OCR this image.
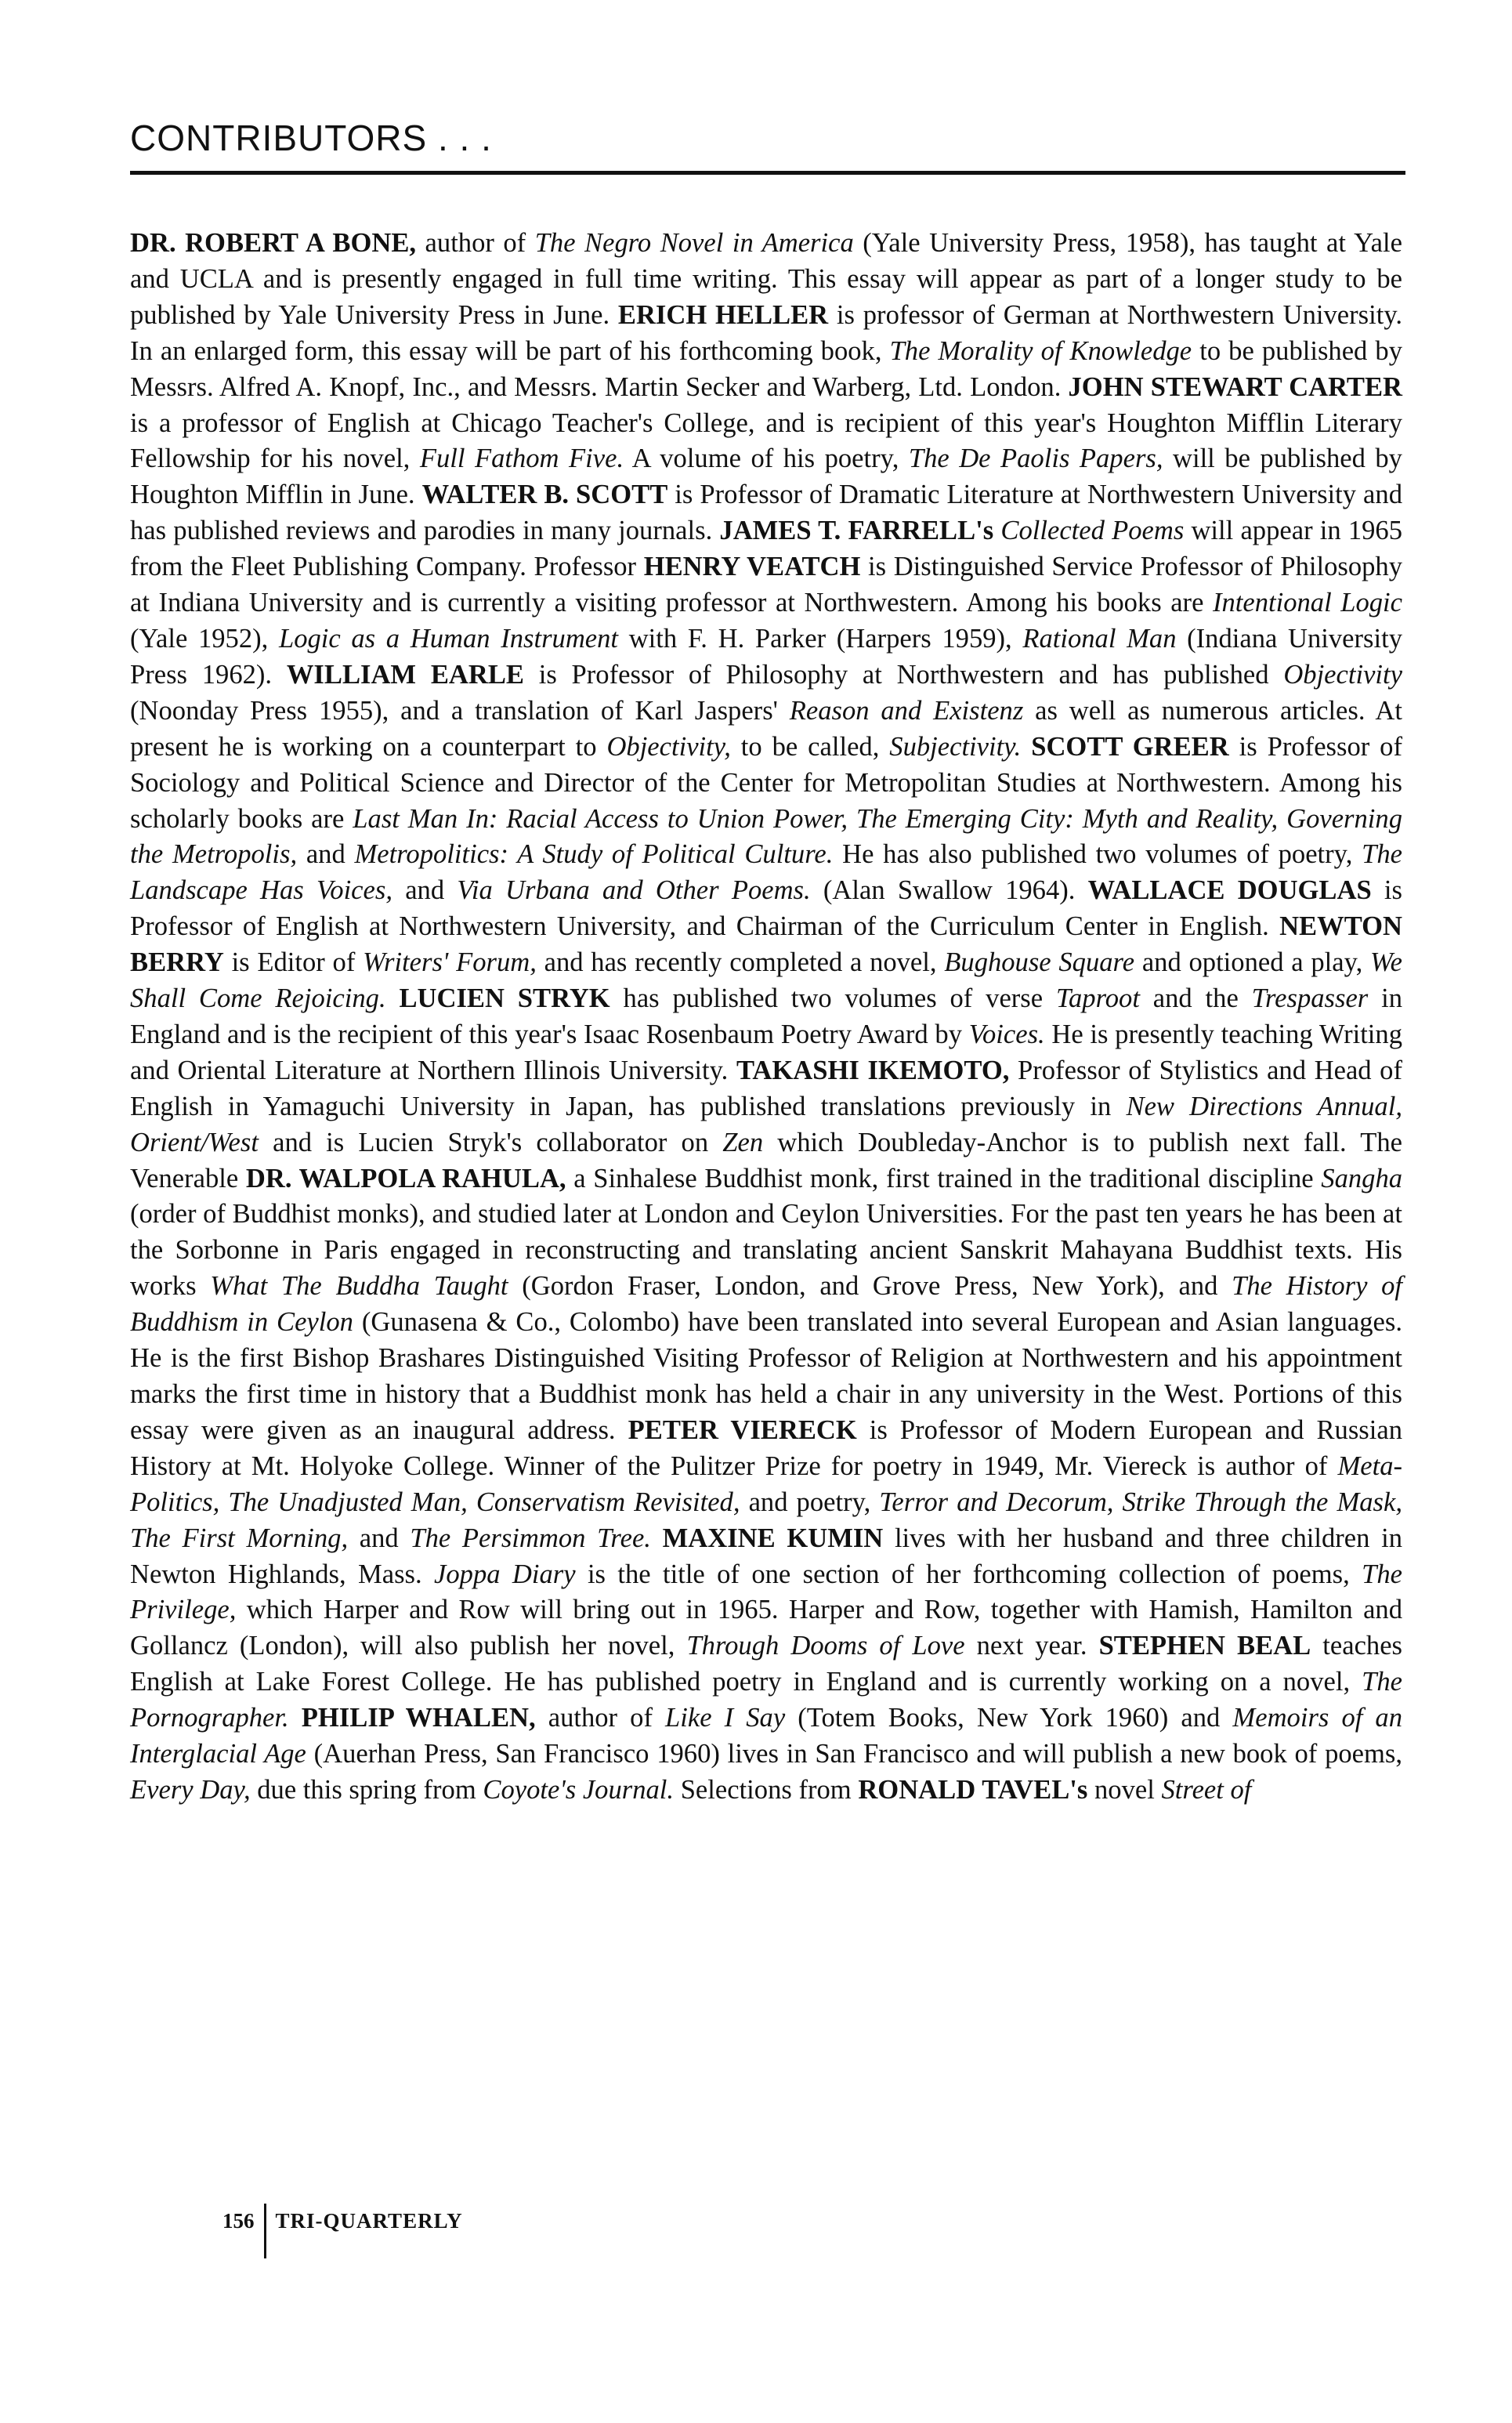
CONTRIBUTORS . . .
DR. ROBERT A BONE, author of The Negro Novel in America (Yale University Press, 1958), has taught at Yale and UCLA and is presently engaged in full time writing. This essay will appear as part of a longer study to be published by Yale University Press in June. ERICH HELLER is professor of German at Northwestern University. In an enlarged form, this essay will be part of his forthcoming book, The Morality of Knowledge to be published by Messrs. Alfred A. Knopf, Inc., and Messrs. Martin Secker and Warberg, Ltd. London. JOHN STEWART CARTER is a professor of English at Chicago Teacher's College, and is recipient of this year's Houghton Mifflin Literary Fellowship for his novel, Full Fathom Five. A volume of his poetry, The De Paolis Papers, will be published by Houghton Mifflin in June. WALTER B. SCOTT is Professor of Dramatic Literature at Northwestern University and has published reviews and parodies in many journals. JAMES T. FARRELL's Collected Poems will appear in 1965 from the Fleet Publishing Company. Professor HENRY VEATCH is Distinguished Service Professor of Philosophy at Indiana University and is currently a visiting professor at Northwestern. Among his books are Intentional Logic (Yale 1952), Logic as a Human Instrument with F. H. Parker (Harpers 1959), Rational Man (Indiana University Press 1962). WILLIAM EARLE is Professor of Philosophy at Northwestern and has published Objectivity (Noonday Press 1955), and a translation of Karl Jaspers' Reason and Existenz as well as numerous articles. At present he is working on a counterpart to Objectivity, to be called, Subjectivity. SCOTT GREER is Professor of Sociology and Political Science and Director of the Center for Metropolitan Studies at Northwestern. Among his scholarly books are Last Man In: Racial Access to Union Power, The Emerging City: Myth and Reality, Governing the Metropolis, and Metropolitics: A Study of Political Culture. He has also published two volumes of poetry, The Landscape Has Voices, and Via Urbana and Other Poems. (Alan Swallow 1964). WALLACE DOUGLAS is Professor of English at Northwestern University, and Chairman of the Curriculum Center in English. NEWTON BERRY is Editor of Writers' Forum, and has recently completed a novel, Bughouse Square and optioned a play, We Shall Come Rejoicing. LUCIEN STRYK has published two volumes of verse Taproot and the Trespasser in England and is the recipient of this year's Isaac Rosenbaum Poetry Award by Voices. He is presently teaching Writing and Oriental Literature at Northern Illinois University. TAKASHI IKEMOTO, Professor of Stylistics and Head of English in Yamaguchi University in Japan, has published translations previously in New Directions Annual, Orient/West and is Lucien Stryk's collaborator on Zen which Doubleday-Anchor is to publish next fall. The Venerable DR. WALPOLA RAHULA, a Sinhalese Buddhist monk, first trained in the traditional discipline Sangha (order of Buddhist monks), and studied later at London and Ceylon Universities. For the past ten years he has been at the Sorbonne in Paris engaged in reconstructing and translating ancient Sanskrit Mahayana Buddhist texts. His works What The Buddha Taught (Gordon Fraser, London, and Grove Press, New York), and The History of Buddhism in Ceylon (Gunasena & Co., Colombo) have been translated into several European and Asian languages. He is the first Bishop Brashares Distinguished Visiting Professor of Religion at Northwestern and his appointment marks the first time in history that a Buddhist monk has held a chair in any university in the West. Portions of this essay were given as an inaugural address. PETER VIERECK is Professor of Modern European and Russian History at Mt. Holyoke College. Winner of the Pulitzer Prize for poetry in 1949, Mr. Viereck is author of Meta-Politics, The Unadjusted Man, Conservatism Revisited, and poetry, Terror and Decorum, Strike Through the Mask, The First Morning, and The Persimmon Tree. MAXINE KUMIN lives with her husband and three children in Newton Highlands, Mass. Joppa Diary is the title of one section of her forthcoming collection of poems, The Privilege, which Harper and Row will bring out in 1965. Harper and Row, together with Hamish, Hamilton and Gollancz (London), will also publish her novel, Through Dooms of Love next year. STEPHEN BEAL teaches English at Lake Forest College. He has published poetry in England and is currently working on a novel, The Pornographer. PHILIP WHALEN, author of Like I Say (Totem Books, New York 1960) and Memoirs of an Interglacial Age (Auerhan Press, San Francisco 1960) lives in San Francisco and will publish a new book of poems, Every Day, due this spring from Coyote's Journal. Selections from RONALD TAVEL's novel Street of
156	TRI-QUARTERLY
